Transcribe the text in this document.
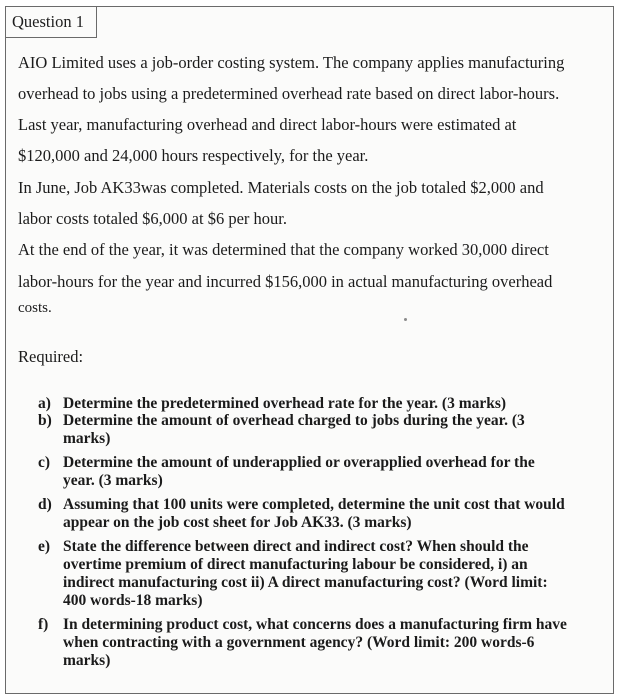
Question 1
AIO Limited uses a job-order costing system. The company applies manufacturing
overhead to jobs using a predetermined overhead rate based on direct labor-hours.
Last year, manufacturing overhead and direct labor-hours were estimated at
$120,000 and 24,000 hours respectively, for the year.
In June, Job AK33was completed. Materials costs on the job totaled $2,000 and
labor costs totaled $6,000 at $6 per hour.
At the end of the year, it was determined that the company worked 30,000 direct
labor-hours for the year and incurred $156,000 in actual manufacturing overhead
costs.
Required:
a) Determine the predetermined overhead rate for the year. (3 marks)
b) Determine the amount of overhead charged to jobs during the year. (3
marks)
c) Determine the amount of underapplied or overapplied overhead for the
year. (3 marks)
d) Assuming that 100 units were completed, determine the unit cost that would
appear on the job cost sheet for Job AK33. (3 marks)
e) State the difference between direct and indirect cost? When should the
overtime premium of direct manufacturing labour be considered, i) an
indirect manufacturing cost ii) A direct manufacturing cost? (Word limit:
400 words-18 marks)
f) In determining product cost, what concerns does a manufacturing firm have
when contracting with a government agency? (Word limit: 200 words-6
marks)
